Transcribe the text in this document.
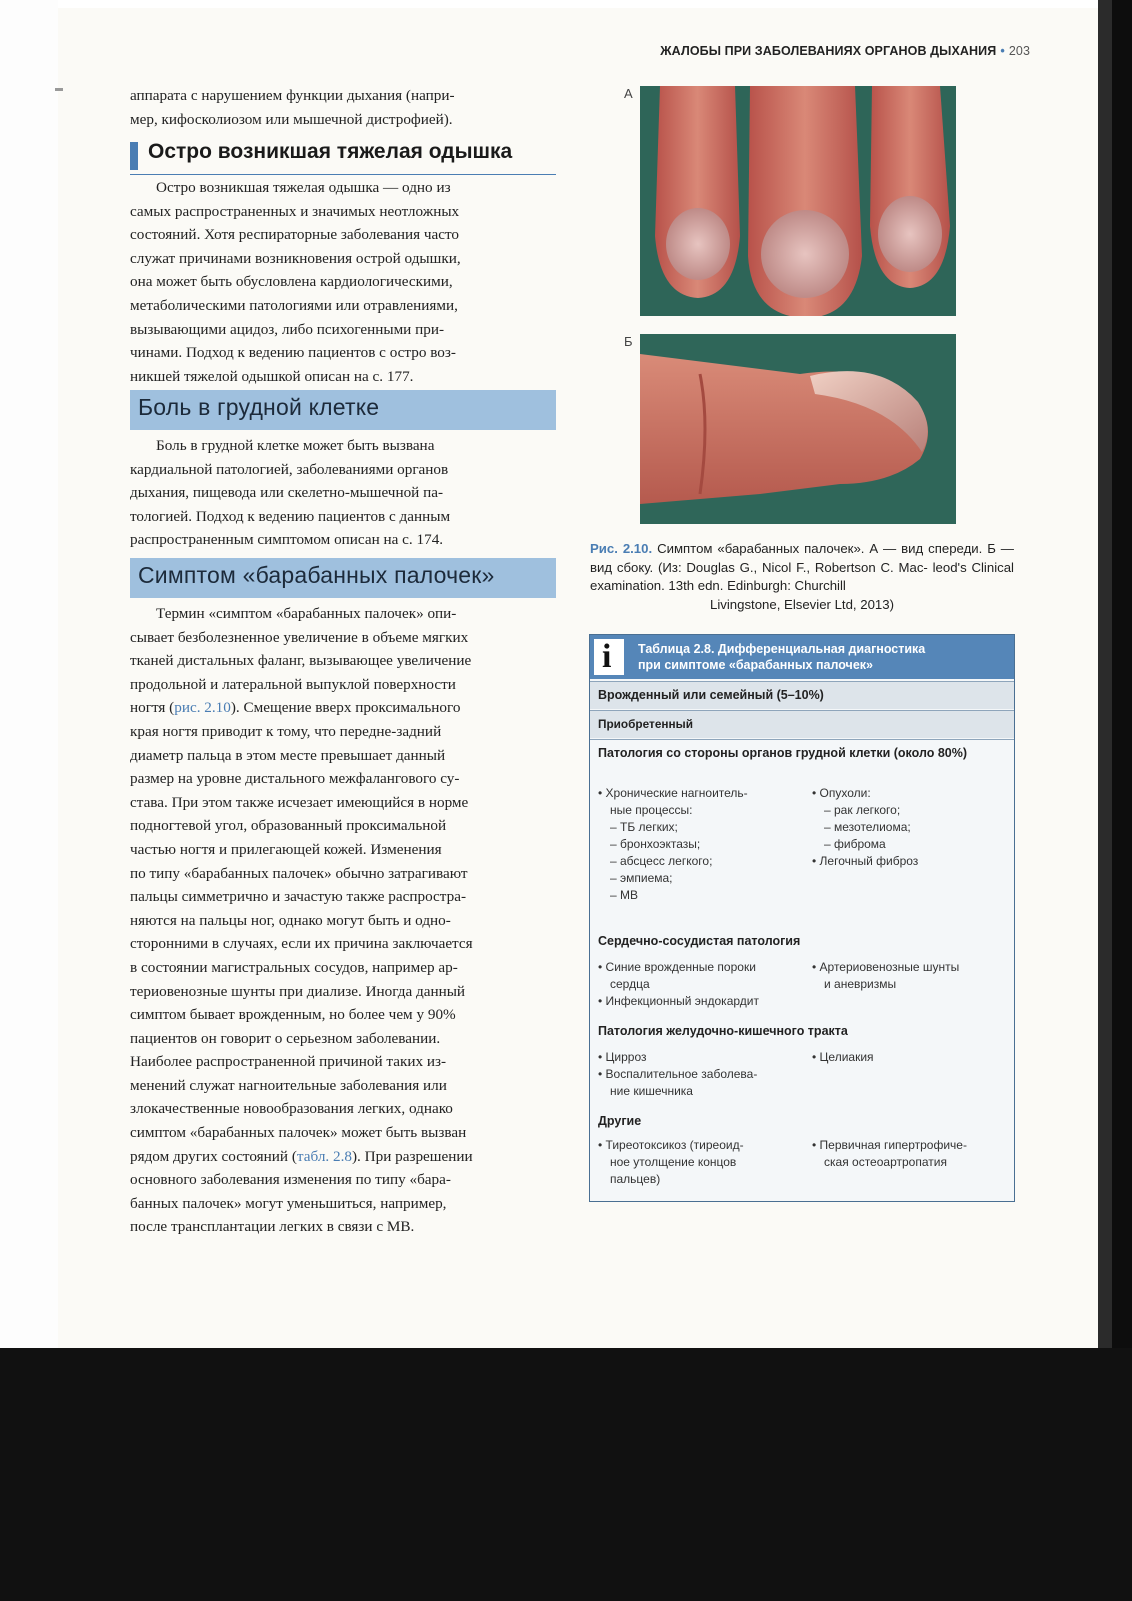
ЖАЛОБЫ ПРИ ЗАБОЛЕВАНИЯХ ОРГАНОВ ДЫХАНИЯ • 203

аппарата с нарушением функции дыхания (напри-

мер, кифосколиозом или мышечной дистрофией).

Остро возникшая тяжелая одышка

Остро возникшая тяжелая одышка — одно из

самых распространенных и значимых неотложных

состояний. Хотя респираторные заболевания часто

служат причинами возникновения острой одышки,

она может быть обусловлена кардиологическими,

метаболическими патологиями или отравлениями,

вызывающими ацидоз, либо психогенными при-

чинами. Подход к ведению пациентов с остро воз-

никшей тяжелой одышкой описан на с. 177.

Боль в грудной клетке

Боль в грудной клетке может быть вызвана

кардиальной патологией, заболеваниями органов

дыхания, пищевода или скелетно-мышечной па-

тологией. Подход к ведению пациентов с данным

распространенным симптомом описан на с. 174.

Симптом «барабанных палочек»

Термин «симптом «барабанных палочек» опи-

сывает безболезненное увеличение в объеме мягких

тканей дистальных фаланг, вызывающее увеличение

продольной и латеральной выпуклой поверхности

ногтя (рис. 2.10). Смещение вверх проксимального

края ногтя приводит к тому, что передне-задний

диаметр пальца в этом месте превышает данный

размер на уровне дистального межфалангового су-

става. При этом также исчезает имеющийся в норме

подногтевой угол, образованный проксимальной

частью ногтя и прилегающей кожей. Изменения

по типу «барабанных палочек» обычно затрагивают

пальцы симметрично и зачастую также распростра-

няются на пальцы ног, однако могут быть и одно-

сторонними в случаях, если их причина заключается

в состоянии магистральных сосудов, например ар-

териовенозные шунты при диализе. Иногда данный

симптом бывает врожденным, но более чем у 90%

пациентов он говорит о серьезном заболевании.

Наиболее распространенной причиной таких из-

менений служат нагноительные заболевания или

злокачественные новообразования легких, однако

симптом «барабанных палочек» может быть вызван

рядом других состояний (табл. 2.8). При разрешении

основного заболевания изменения по типу «бара-

банных палочек» могут уменьшиться, например,

после трансплантации легких в связи с МВ.

А
Б
Рис. 2.10. Симптом «барабанных палочек». А — вид спереди. Б — вид сбоку. (Из: Douglas G., Nicol F., Robertson C. Mac- leod's Clinical examination. 13th edn. Edinburgh: Churchill
Livingstone, Elsevier Ltd, 2013)
i Таблица 2.8. Дифференциальная диагностика
при симптоме «барабанных палочек»
Врожденный или семейный (5–10%)
Приобретенный
Патология со стороны органов грудной клетки (около 80%)
• Хронические нагноитель-
ные процессы:
– ТБ легких;
– бронхоэктазы;
– абсцесс легкого;
– эмпиема;
– МВ
• Опухоли:
– рак легкого;
– мезотелиома;
– фиброма
• Легочный фиброз
Сердечно-сосудистая патология
• Синие врожденные пороки
сердца
• Инфекционный эндокардит
• Артериовенозные шунты
и аневризмы
Патология желудочно-кишечного тракта
• Цирроз
• Воспалительное заболева-
ние кишечника
• Целиакия
Другие
• Тиреотоксикоз (тиреоид-
ное утолщение концов
пальцев)
• Первичная гипертрофиче-
ская остеоартропатия
